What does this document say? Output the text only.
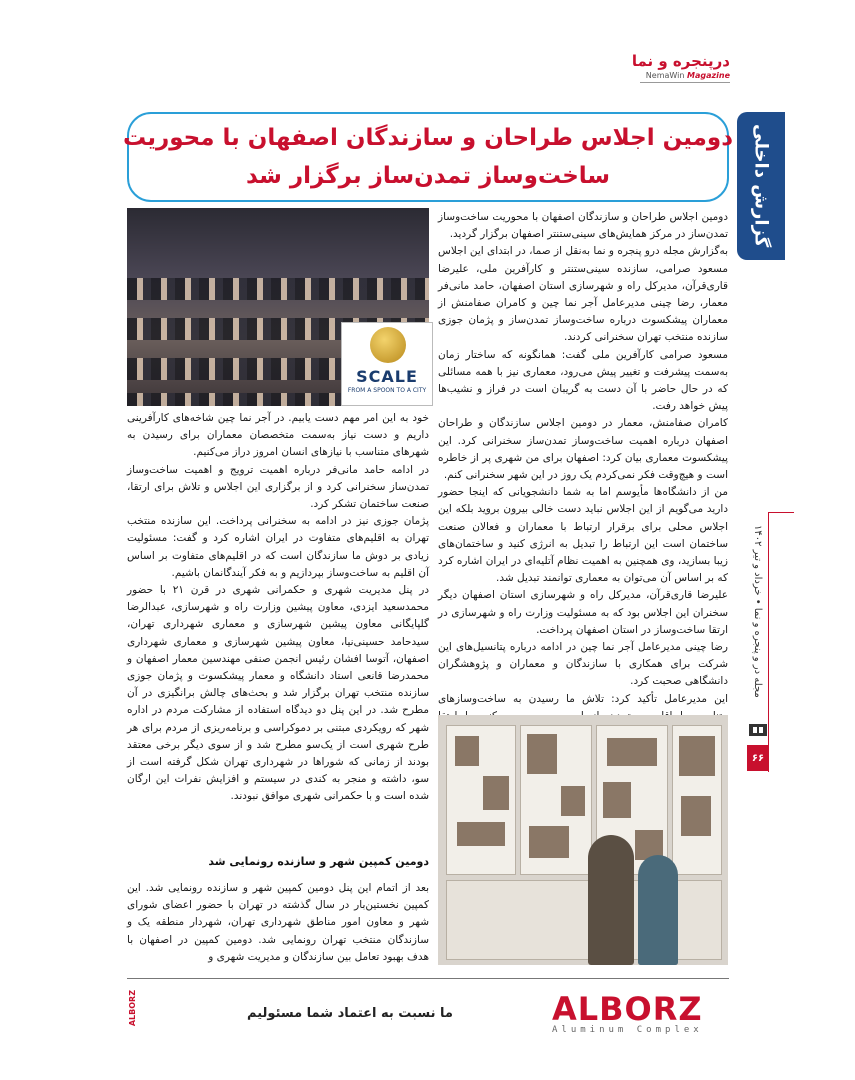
درپنجره و نما
NemaWin Magazine
گزارش داخلی
دومین اجلاس طراحان و سازندگان اصفهان با محوریت
ساخت‌وساز تمدن‌ساز برگزار شد
SCALE
FROM A SPOON TO A CITY

دومین اجلاس طراحان و سازندگان اصفهان با محوریت ساخت‌وساز تمدن‌ساز در مرکز همایش‌های سینی‌ستنتر اصفهان برگزار گردید.

به‌گزارش مجله درو پنجره و نما به‌نقل از صما، در ابتدای این اجلاس مسعود صرامی، سازنده سینی‌ستنتر و کارآفرین ملی، علیرضا قاری‌قرآن، مدیرکل راه و شهرسازی استان اصفهان، حامد مانی‌فر معمار، رضا چینی مدیرعامل آجر نما چین و کامران صفامنش از معماران پیشکسوت درباره ساخت‌وساز تمدن‌ساز و پژمان جوزی سازنده منتخب تهران سخنرانی کردند.

مسعود صرامی کارآفرین ملی گفت: همانگونه که ساختار زمان به‌سمت پیشرفت و تغییر پیش می‌رود، معماری نیز با همه مسائلی که در حال حاضر با آن دست به گریبان است در فراز و نشیب‌ها پیش خواهد رفت.

کامران صفامنش، معمار در دومین اجلاس سازندگان و طراحان اصفهان درباره اهمیت ساخت‌وساز تمدن‌ساز سخنرانی کرد. این پیشکسوت معماری بیان کرد: اصفهان برای من شهری پر از خاطره است و هیچ‌وقت فکر نمی‌کردم یک روز در این شهر سخنرانی کنم.

من از دانشگاه‌ها مأیوسم اما به شما دانشجویانی که اینجا حضور دارید می‌گویم از این اجلاس نباید دست خالی بیرون بروید بلکه این اجلاس محلی برای برقرار ارتباط با معماران و فعالان صنعت ساختمان است این ارتباط را تبدیل به انرژی کنید و ساختمان‌های زیبا بسازید، وی همچنین به اهمیت نظام آتلیه‌ای در ایران اشاره کرد که بر اساس آن می‌توان به معماری توانمند تبدیل شد.

علیرضا قاری‌قرآن، مدیرکل راه و شهرسازی استان اصفهان دیگر سخنران این اجلاس بود که به مسئولیت وزارت راه و شهرسازی در ارتقا ساخت‌وساز در استان اصفهان پرداخت.

رضا چینی مدیرعامل آجر نما چین در ادامه درباره پتانسیل‌های این شرکت برای همکاری با سازندگان و معماران و پژوهشگران دانشگاهی صحبت کرد.

این مدیرعامل تأکید کرد: تلاش ما رسیدن به ساخت‌وسازهای

خود به این امر مهم دست یابیم. در آجر نما چین شاخه‌های کارآفرینی داریم و دست نیاز به‌سمت متخصصان معماران برای رسیدن به شهرهای متناسب با نیازهای انسان امروز دراز می‌کنیم.

در ادامه حامد مانی‌فر درباره اهمیت ترویج و اهمیت ساخت‌وساز تمدن‌ساز سخنرانی کرد و از برگزاری این اجلاس و تلاش برای ارتقا، صنعت ساختمان تشکر کرد.

پژمان جوزی نیز در ادامه به سخنرانی پرداخت. این سازنده منتخب تهران به اقلیم‌های متفاوت در ایران اشاره کرد و گفت: مسئولیت زیادی بر دوش ما سازندگان است که در اقلیم‌های متفاوت بر اساس آن اقلیم به ساخت‌وساز بپردازیم و به فکر آیندگانمان باشیم.

در پنل مدیریت شهری و حکمرانی شهری در قرن ۲۱ با حضور محمدسعید ایزدی، معاون پیشین وزارت راه و شهرسازی، عبدالرضا گلپایگانی معاون پیشین شهرسازی و معماری شهرداری تهران، سیدحامد حسینی‌نیا، معاون پیشین شهرسازی و معماری شهرداری اصفهان، آتوسا افشان رئیس انجمن صنفی مهندسین معمار اصفهان و محمدرضا قانعی استاد دانشگاه و معمار پیشکسوت و پژمان جوزی سازنده منتخب تهران برگزار شد و بحث‌های چالش برانگیزی در آن مطرح شد. در این پنل دو دیدگاه استفاده از مشارکت مردم در اداره شهر که رویکردی مبتنی بر دموکراسی و برنامه‌ریزی از مردم برای هر طرح شهری است از یک‌سو مطرح شد و از سوی دیگر برخی معتقد بودند از زمانی که شوراها در شهرداری تهران شکل گرفته است از سو، داشته و منجر به کندی در سیستم و افزایش نفرات این ارگان شده است و با حکمرانی شهری موافق نبودند.

دومین کمپین شهر و سازنده رونمایی شد

بعد از اتمام این پنل دومین کمپین شهر و سازنده رونمایی شد. این کمپین نخستین‌بار در سال گذشته در تهران با حضور اعضای شورای شهر و معاون امور مناطق شهرداری تهران، شهردار منطقه یک و سازندگان منتخب تهران رونمایی شد. دومین کمپین در اصفهان با هدف بهبود تعامل بین سازندگان و مدیریت شهری و

مجله در و پنجره و نما • خرداد و تیر ۱۴۰۲
۶۶
ALBORZ	ما نسبت به اعتماد شما مسئولیم	ALBORZ
Aluminum Complex
